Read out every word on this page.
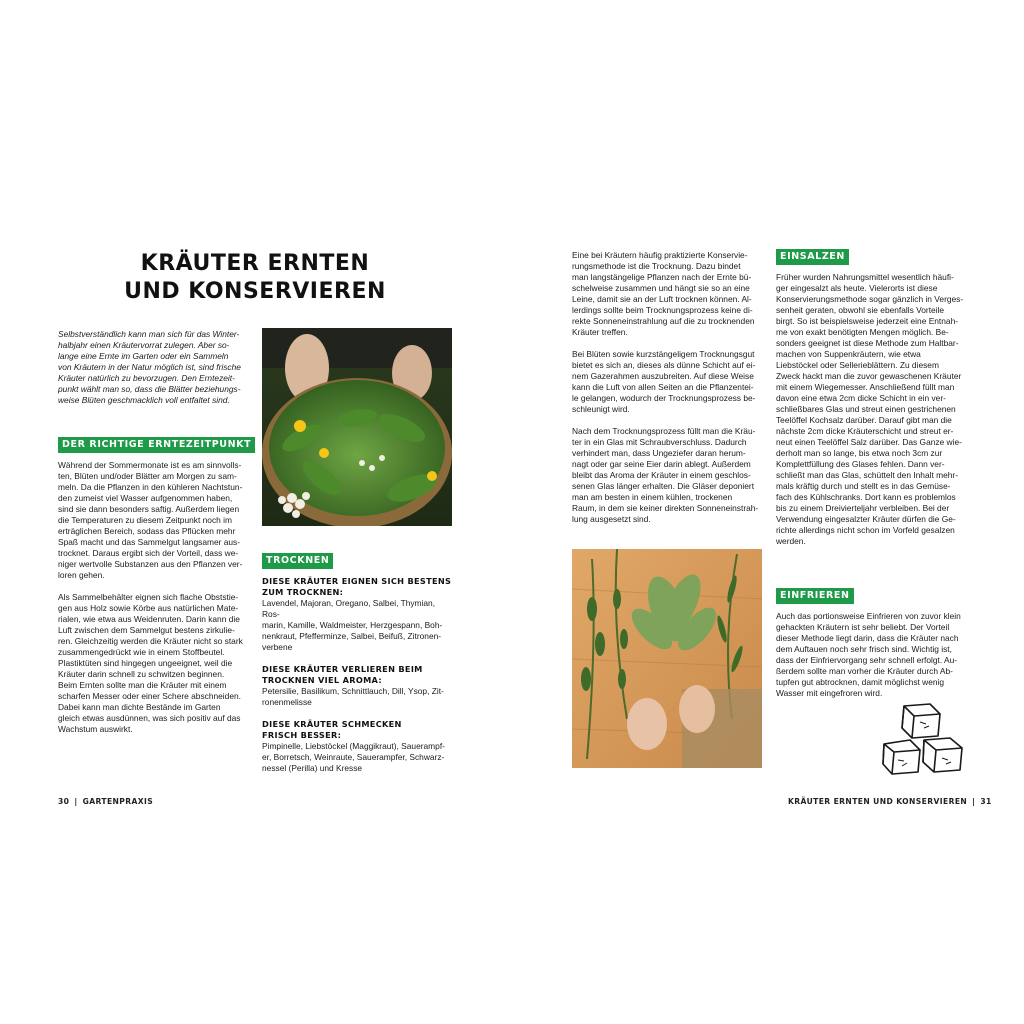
KRÄUTER ERNTEN
UND KONSERVIEREN
Selbstverständlich kann man sich für das Winter-
halbjahr einen Kräutervorrat zulegen. Aber so-
lange eine Ernte im Garten oder ein Sammeln
von Kräutern in der Natur möglich ist, sind frische
Kräuter natürlich zu bevorzugen. Den Erntezeit-
punkt wählt man so, dass die Blätter beziehungs-
weise Blüten geschmacklich voll entfaltet sind.
DER RICHTIGE ERNTEZEITPUNKT
Während der Sommermonate ist es am sinnvolls-
ten, Blüten und/oder Blätter am Morgen zu sam-
meln. Da die Pflanzen in den kühleren Nachtstun-
den zumeist viel Wasser aufgenommen haben,
sind sie dann besonders saftig. Außerdem liegen
die Temperaturen zu diesem Zeitpunkt noch im
erträglichen Bereich, sodass das Pflücken mehr
Spaß macht und das Sammelgut langsamer aus-
trocknet. Daraus ergibt sich der Vorteil, dass we-
niger wertvolle Substanzen aus den Pflanzen ver-
loren gehen.
Als Sammelbehälter eignen sich flache Obststie-
gen aus Holz sowie Körbe aus natürlichen Mate-
rialen, wie etwa aus Weidenruten. Darin kann die
Luft zwischen dem Sammelgut bestens zirkulie-
ren. Gleichzeitig werden die Kräuter nicht so stark
zusammengedrückt wie in einem Stoffbeutel.
Plastiktüten sind hingegen ungeeignet, weil die
Kräuter darin schnell zu schwitzen beginnen.
Beim Ernten sollte man die Kräuter mit einem
scharfen Messer oder einer Schere abschneiden.
Dabei kann man dichte Bestände im Garten
gleich etwas ausdünnen, was sich positiv auf das
Wachstum auswirkt.
TROCKNEN
DIESE KRÄUTER EIGNEN SICH BESTENS
ZUM TROCKNEN:
Lavendel, Majoran, Oregano, Salbei, Thymian, Ros-
marin, Kamille, Waldmeister, Herzgespann, Boh-
nenkraut, Pfefferminze, Salbei, Beifuß, Zitronen-
verbene
DIESE KRÄUTER VERLIEREN BEIM
TROCKNEN VIEL AROMA:
Petersilie, Basilikum, Schnittlauch, Dill, Ysop, Zit-
ronenmelisse
DIESE KRÄUTER SCHMECKEN
FRISCH BESSER:
Pimpinelle, Liebstöckel (Maggikraut), Sauerampf-
er, Borretsch, Weinraute, Sauerampfer, Schwarz-
nessel (Perilla) und Kresse
30 | GARTENPRAXIS
Eine bei Kräutern häufig praktizierte Konservie-
rungsmethode ist die Trocknung. Dazu bindet
man langstängelige Pflanzen nach der Ernte bü-
schelweise zusammen und hängt sie so an eine
Leine, damit sie an der Luft trocknen können. Al-
lerdings sollte beim Trocknungsprozess keine di-
rekte Sonneneinstrahlung auf die zu trocknenden
Kräuter treffen.
Bei Blüten sowie kurzstängeligem Trocknungsgut
bietet es sich an, dieses als dünne Schicht auf ei-
nem Gazerahmen auszubreiten. Auf diese Weise
kann die Luft von allen Seiten an die Pflanzentei-
le gelangen, wodurch der Trocknungsprozess be-
schleunigt wird.
Nach dem Trocknungsprozess füllt man die Kräu-
ter in ein Glas mit Schraubverschluss. Dadurch
verhindert man, dass Ungeziefer daran herum-
nagt oder gar seine Eier darin ablegt. Außerdem
bleibt das Aroma der Kräuter in einem geschlos-
senen Glas länger erhalten. Die Gläser deponiert
man am besten in einem kühlen, trockenen
Raum, in dem sie keiner direkten Sonneneinstrah-
lung ausgesetzt sind.
EINSALZEN
Früher wurden Nahrungsmittel wesentlich häufi-
ger eingesalzt als heute. Vielerorts ist diese
Konservierungsmethode sogar gänzlich in Verges-
senheit geraten, obwohl sie ebenfalls Vorteile
birgt. So ist beispielsweise jederzeit eine Entnah-
me von exakt benötigten Mengen möglich. Be-
sonders geeignet ist diese Methode zum Haltbar-
machen von Suppenkräutern, wie etwa
Liebstöckel oder Sellerieblättern. Zu diesem
Zweck hackt man die zuvor gewaschenen Kräuter
mit einem Wiegemesser. Anschließend füllt man
davon eine etwa 2cm dicke Schicht in ein ver-
schließbares Glas und streut einen gestrichenen
Teelöffel Kochsalz darüber. Darauf gibt man die
nächste 2cm dicke Kräuterschicht und streut er-
neut einen Teelöffel Salz darüber. Das Ganze wie-
derholt man so lange, bis etwa noch 3cm zur
Komplettfüllung des Glases fehlen. Dann ver-
schließt man das Glas, schüttelt den Inhalt mehr-
mals kräftig durch und stellt es in das Gemüse-
fach des Kühlschranks. Dort kann es problemlos
bis zu einem Dreivierteljahr verbleiben. Bei der
Verwendung eingesalzter Kräuter dürfen die Ge-
richte allerdings nicht schon im Vorfeld gesalzen
werden.
EINFRIEREN
Auch das portionsweise Einfrieren von zuvor klein
gehackten Kräutern ist sehr beliebt. Der Vorteil
dieser Methode liegt darin, dass die Kräuter nach
dem Auftauen noch sehr frisch sind. Wichtig ist,
dass der Einfriervorgang sehr schnell erfolgt. Au-
ßerdem sollte man vorher die Kräuter durch Ab-
tupfen gut abtrocknen, damit möglichst wenig
Wasser mit eingefroren wird.
KRÄUTER ERNTEN UND KONSERVIEREN | 31
